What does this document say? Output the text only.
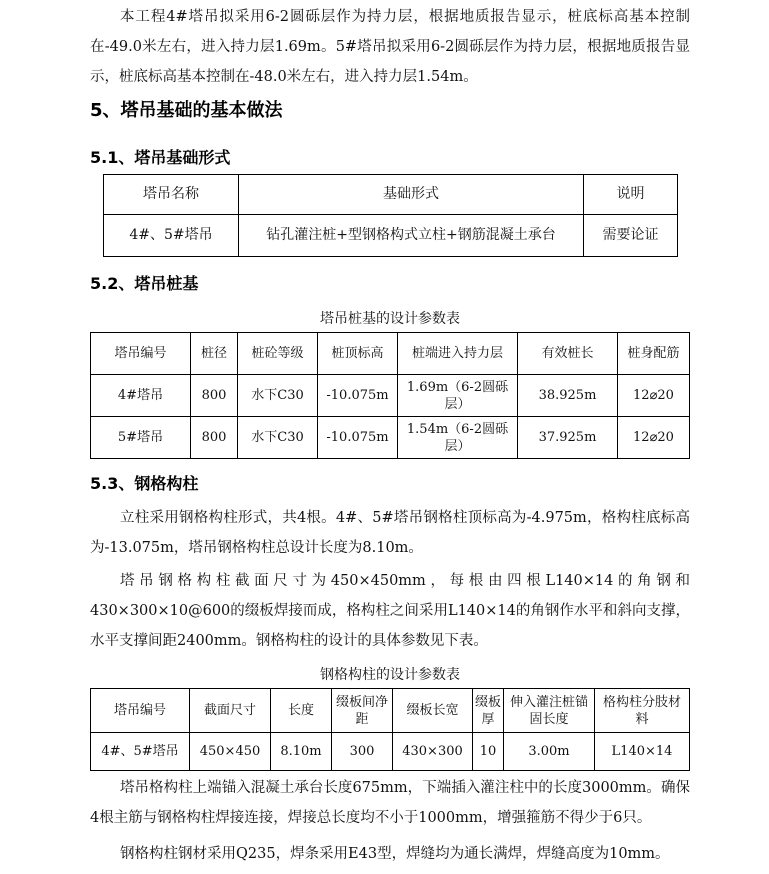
本工程4#塔吊拟采用6-2圆砾层作为持力层，根据地质报告显示，桩底标高基本控制在-49.0米左右，进入持力层1.69m。5#塔吊拟采用6-2圆砾层作为持力层，根据地质报告显示，桩底标高基本控制在-48.0米左右，进入持力层1.54m。

5、塔吊基础的基本做法
5.1、塔吊基础形式
塔吊名称	基础形式	说明
4#、5#塔吊	钻孔灌注桩+型钢格构式立柱+钢筋混凝土承台	需要论证
5.2、塔吊桩基
塔吊桩基的设计参数表
塔吊编号	桩径	桩砼等级	桩顶标高	桩端进入持力层	有效桩长	桩身配筋
4#塔吊	800	水下C30	-10.075m	1.69m（6-2圆砾层）	38.925m	12⌀20
5#塔吊	800	水下C30	-10.075m	1.54m（6-2圆砾层）	37.925m	12⌀20
5.3、钢格构柱

立柱采用钢格构柱形式，共4根。4#、5#塔吊钢格柱顶标高为-4.975m，格构柱底标高为-13.075m，塔吊钢格构柱总设计长度为8.10m。

塔吊钢格构柱截面尺寸为450×450mm，每根由四根L140×14的角钢和430×300×10@600的缀板焊接而成，格构柱之间采用L140×14的角钢作水平和斜向支撑，水平支撑间距2400mm。钢格构柱的设计的具体参数见下表。

钢格构柱的设计参数表
塔吊编号	截面尺寸	长度	缀板间净距	缀板长宽	缀板厚	伸入灌注桩锚固长度	格构柱分肢材料
4#、5#塔吊	450×450	8.10m	300	430×300	10	3.00m	L140×14

塔吊格构柱上端锚入混凝土承台长度675mm，下端插入灌注柱中的长度3000mm。确保4根主筋与钢格构柱焊接连接，焊接总长度均不小于1000mm，增强箍筋不得少于6只。

钢格构柱钢材采用Q235，焊条采用E43型，焊缝均为通长满焊，焊缝高度为10mm。
